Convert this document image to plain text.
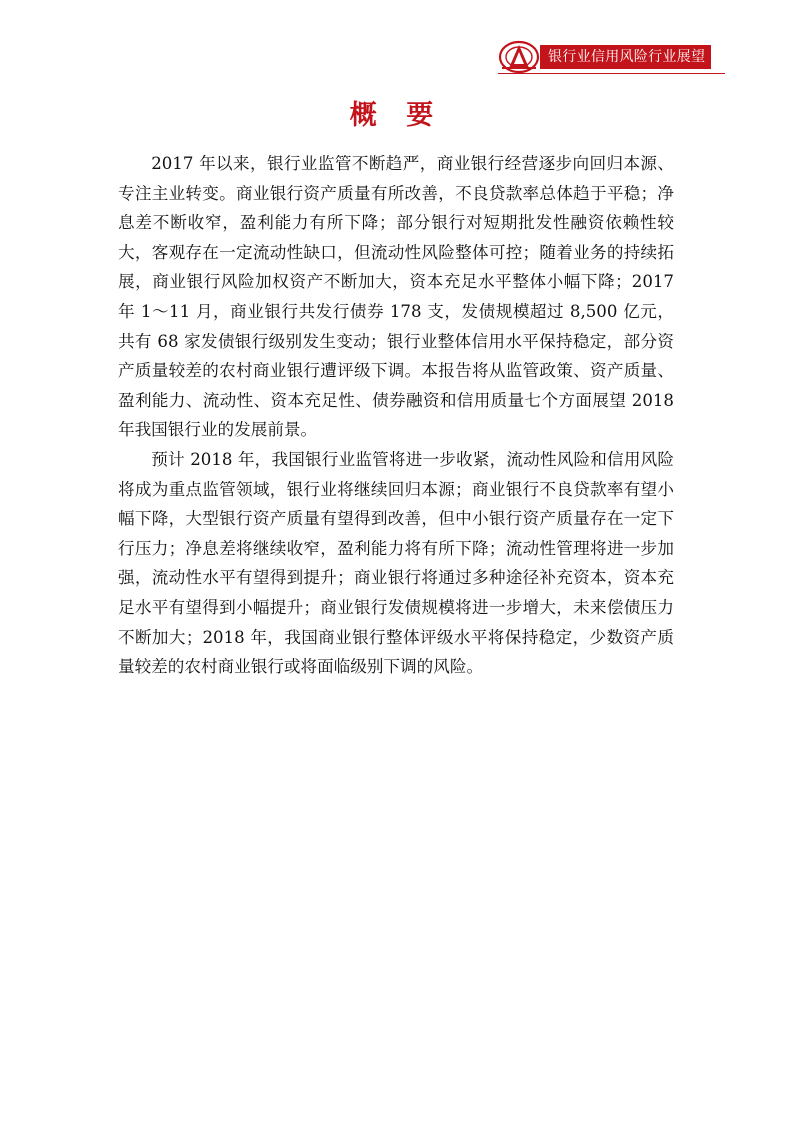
银行业信用风险行业展望
概 要

2017 年以来，银行业监管不断趋严，商业银行经营逐步向回归本源、专注主业转变。商业银行资产质量有所改善，不良贷款率总体趋于平稳；净息差不断收窄，盈利能力有所下降；部分银行对短期批发性融资依赖性较大，客观存在一定流动性缺口，但流动性风险整体可控；随着业务的持续拓展，商业银行风险加权资产不断加大，资本充足水平整体小幅下降；2017 年 1～11 月，商业银行共发行债券 178 支，发债规模超过 8,500 亿元，共有 68 家发债银行级别发生变动；银行业整体信用水平保持稳定，部分资产质量较差的农村商业银行遭评级下调。本报告将从监管政策、资产质量、盈利能力、流动性、资本充足性、债券融资和信用质量七个方面展望 2018 年我国银行业的发展前景。

预计 2018 年，我国银行业监管将进一步收紧，流动性风险和信用风险将成为重点监管领域，银行业将继续回归本源；商业银行不良贷款率有望小幅下降，大型银行资产质量有望得到改善，但中小银行资产质量存在一定下行压力；净息差将继续收窄，盈利能力将有所下降；流动性管理将进一步加强，流动性水平有望得到提升；商业银行将通过多种途径补充资本，资本充足水平有望得到小幅提升；商业银行发债规模将进一步增大，未来偿债压力不断加大；2018 年，我国商业银行整体评级水平将保持稳定，少数资产质量较差的农村商业银行或将面临级别下调的风险。
